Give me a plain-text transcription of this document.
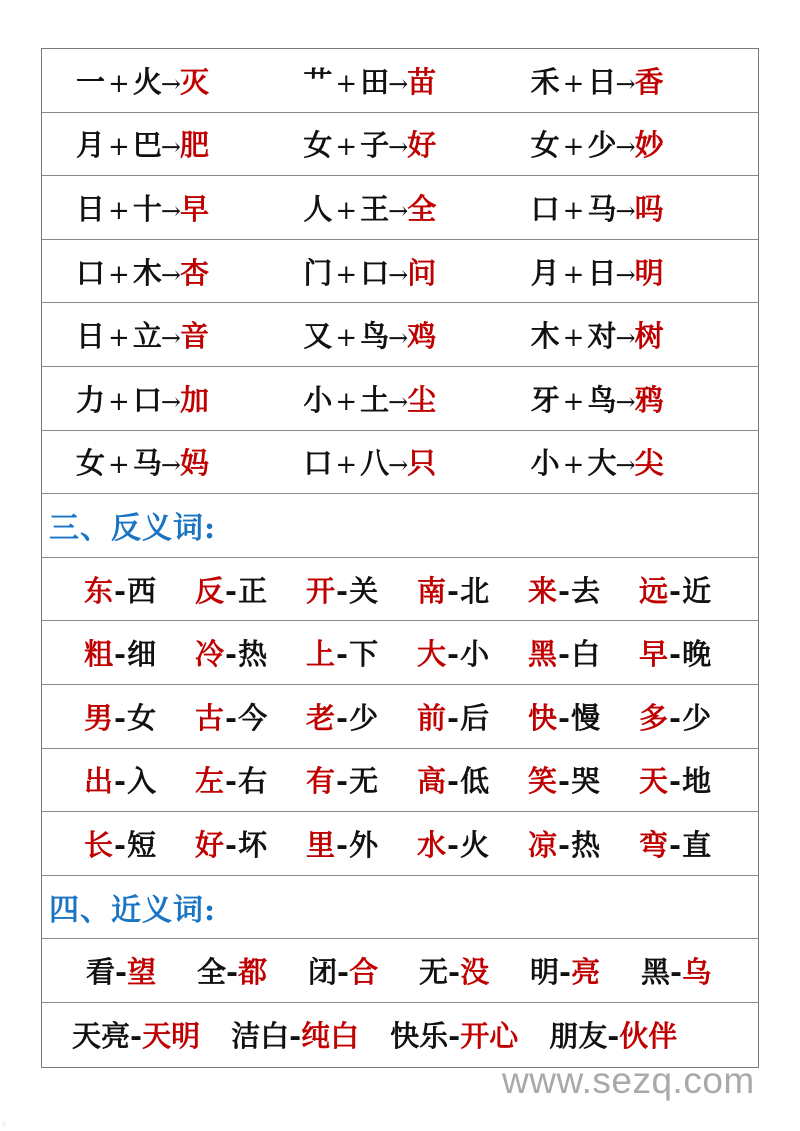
一 + 火→灭	艹 + 田→苗	禾 + 日→香
月 + 巴→肥	女 + 子→好	女 + 少→妙
日 + 十→早	人 + 王→全	口 + 马→吗
口 + 木→杏	门 + 口→问	月 + 日→明
日 + 立→音	又 + 鸟→鸡	木 + 对→树
力 + 口→加	小 + 土→尘	牙 + 鸟→鸦
女 + 马→妈	口 + 八→只	小 + 大→尖
三、反义词:
东-西	反-正	开-关	南-北	来-去	远-近
粗-细	冷-热	上-下	大-小	黑-白	早-晚
男-女	古-今	老-少	前-后	快-慢	多-少
出-入	左-右	有-无	高-低	笑-哭	天-地
长-短	好-坏	里-外	水-火	凉-热	弯-直
四、近义词:
看-望	全-都	闭-合	无-没	明-亮	黑-乌
天亮-天明 洁白-纯白 快乐-开心 朋友-伙伴
www.sezq.com
ↄ
